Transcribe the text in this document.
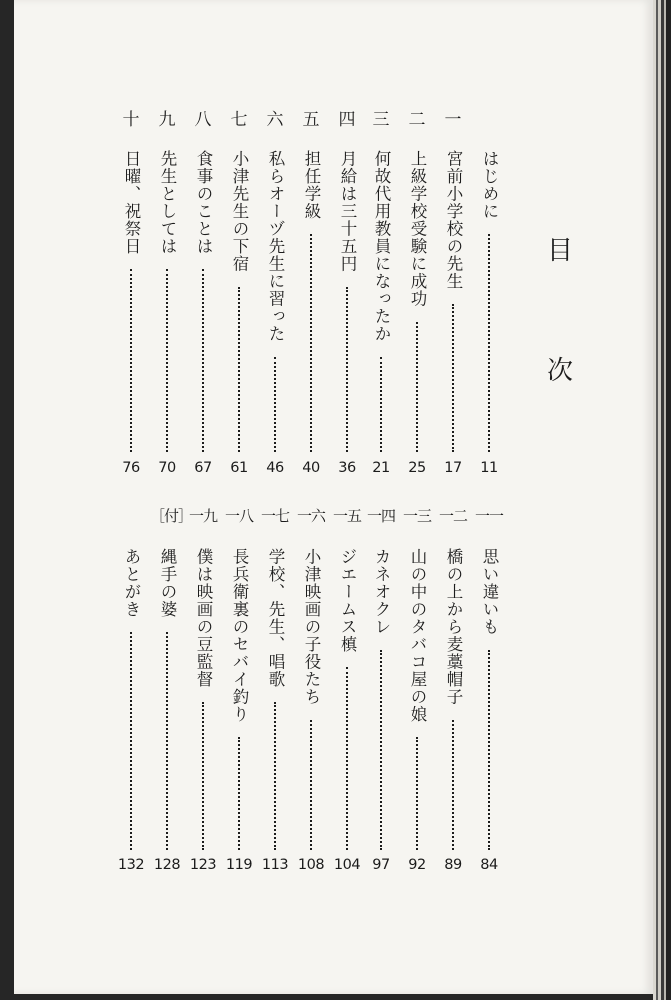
目
次
はじめに
11
一
宮前小学校の先生
17
二
上級学校受験に成功
25
三
何故代用教員になったか
21
四
月給は三十五円
36
五
担任学級
40
六
私らオーヅ先生に習った
46
七
小津先生の下宿
61
八
食事のことは
67
九
先生としては
70
十
日曜、祝祭日
76
一一
思い違いも
84
一二
橋の上から麦藁帽子
89
一三
山の中のタバコ屋の娘
92
一四
カネオクレ
97
一五
ジエームス槙
104
一六
小津映画の子役たち
108
一七
学校、先生、唱歌
113
一八
長兵衛裏のセバイ釣り
119
一九
僕は映画の豆監督
123
［付］
縄手の婆
128
あとがき
132
